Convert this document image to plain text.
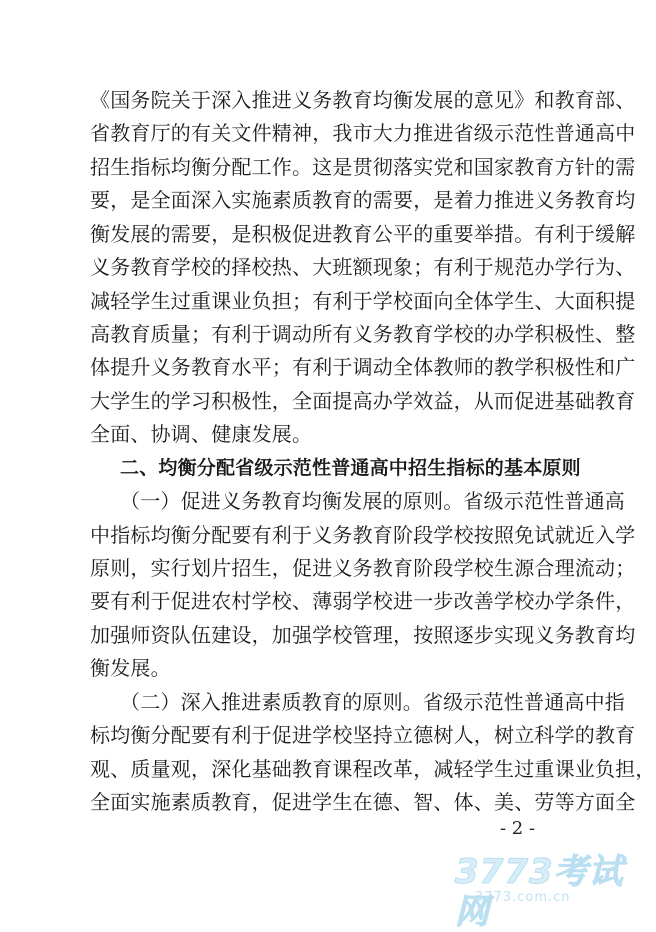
《国务院关于深入推进义务教育均衡发展的意见》和教育部、
省教育厅的有关文件精神，我市大力推进省级示范性普通高中
招生指标均衡分配工作。这是贯彻落实党和国家教育方针的需
要，是全面深入实施素质教育的需要，是着力推进义务教育均
衡发展的需要，是积极促进教育公平的重要举措。有利于缓解
义务教育学校的择校热、大班额现象；有利于规范办学行为、
减轻学生过重课业负担；有利于学校面向全体学生、大面积提
高教育质量；有利于调动所有义务教育学校的办学积极性、整
体提升义务教育水平；有利于调动全体教师的教学积极性和广
大学生的学习积极性，全面提高办学效益，从而促进基础教育
全面、协调、健康发展。
二、均衡分配省级示范性普通高中招生指标的基本原则
（一）促进义务教育均衡发展的原则。省级示范性普通高
中指标均衡分配要有利于义务教育阶段学校按照免试就近入学
原则，实行划片招生，促进义务教育阶段学校生源合理流动；
要有利于促进农村学校、薄弱学校进一步改善学校办学条件，
加强师资队伍建设，加强学校管理，按照逐步实现义务教育均
衡发展。
（二）深入推进素质教育的原则。省级示范性普通高中指
标均衡分配要有利于促进学校坚持立德树人，树立科学的教育
观、质量观，深化基础教育课程改革，减轻学生过重课业负担，
全面实施素质教育，促进学生在德、智、体、美、劳等方面全
- 2 -
3773考试网
3773.com.cn
